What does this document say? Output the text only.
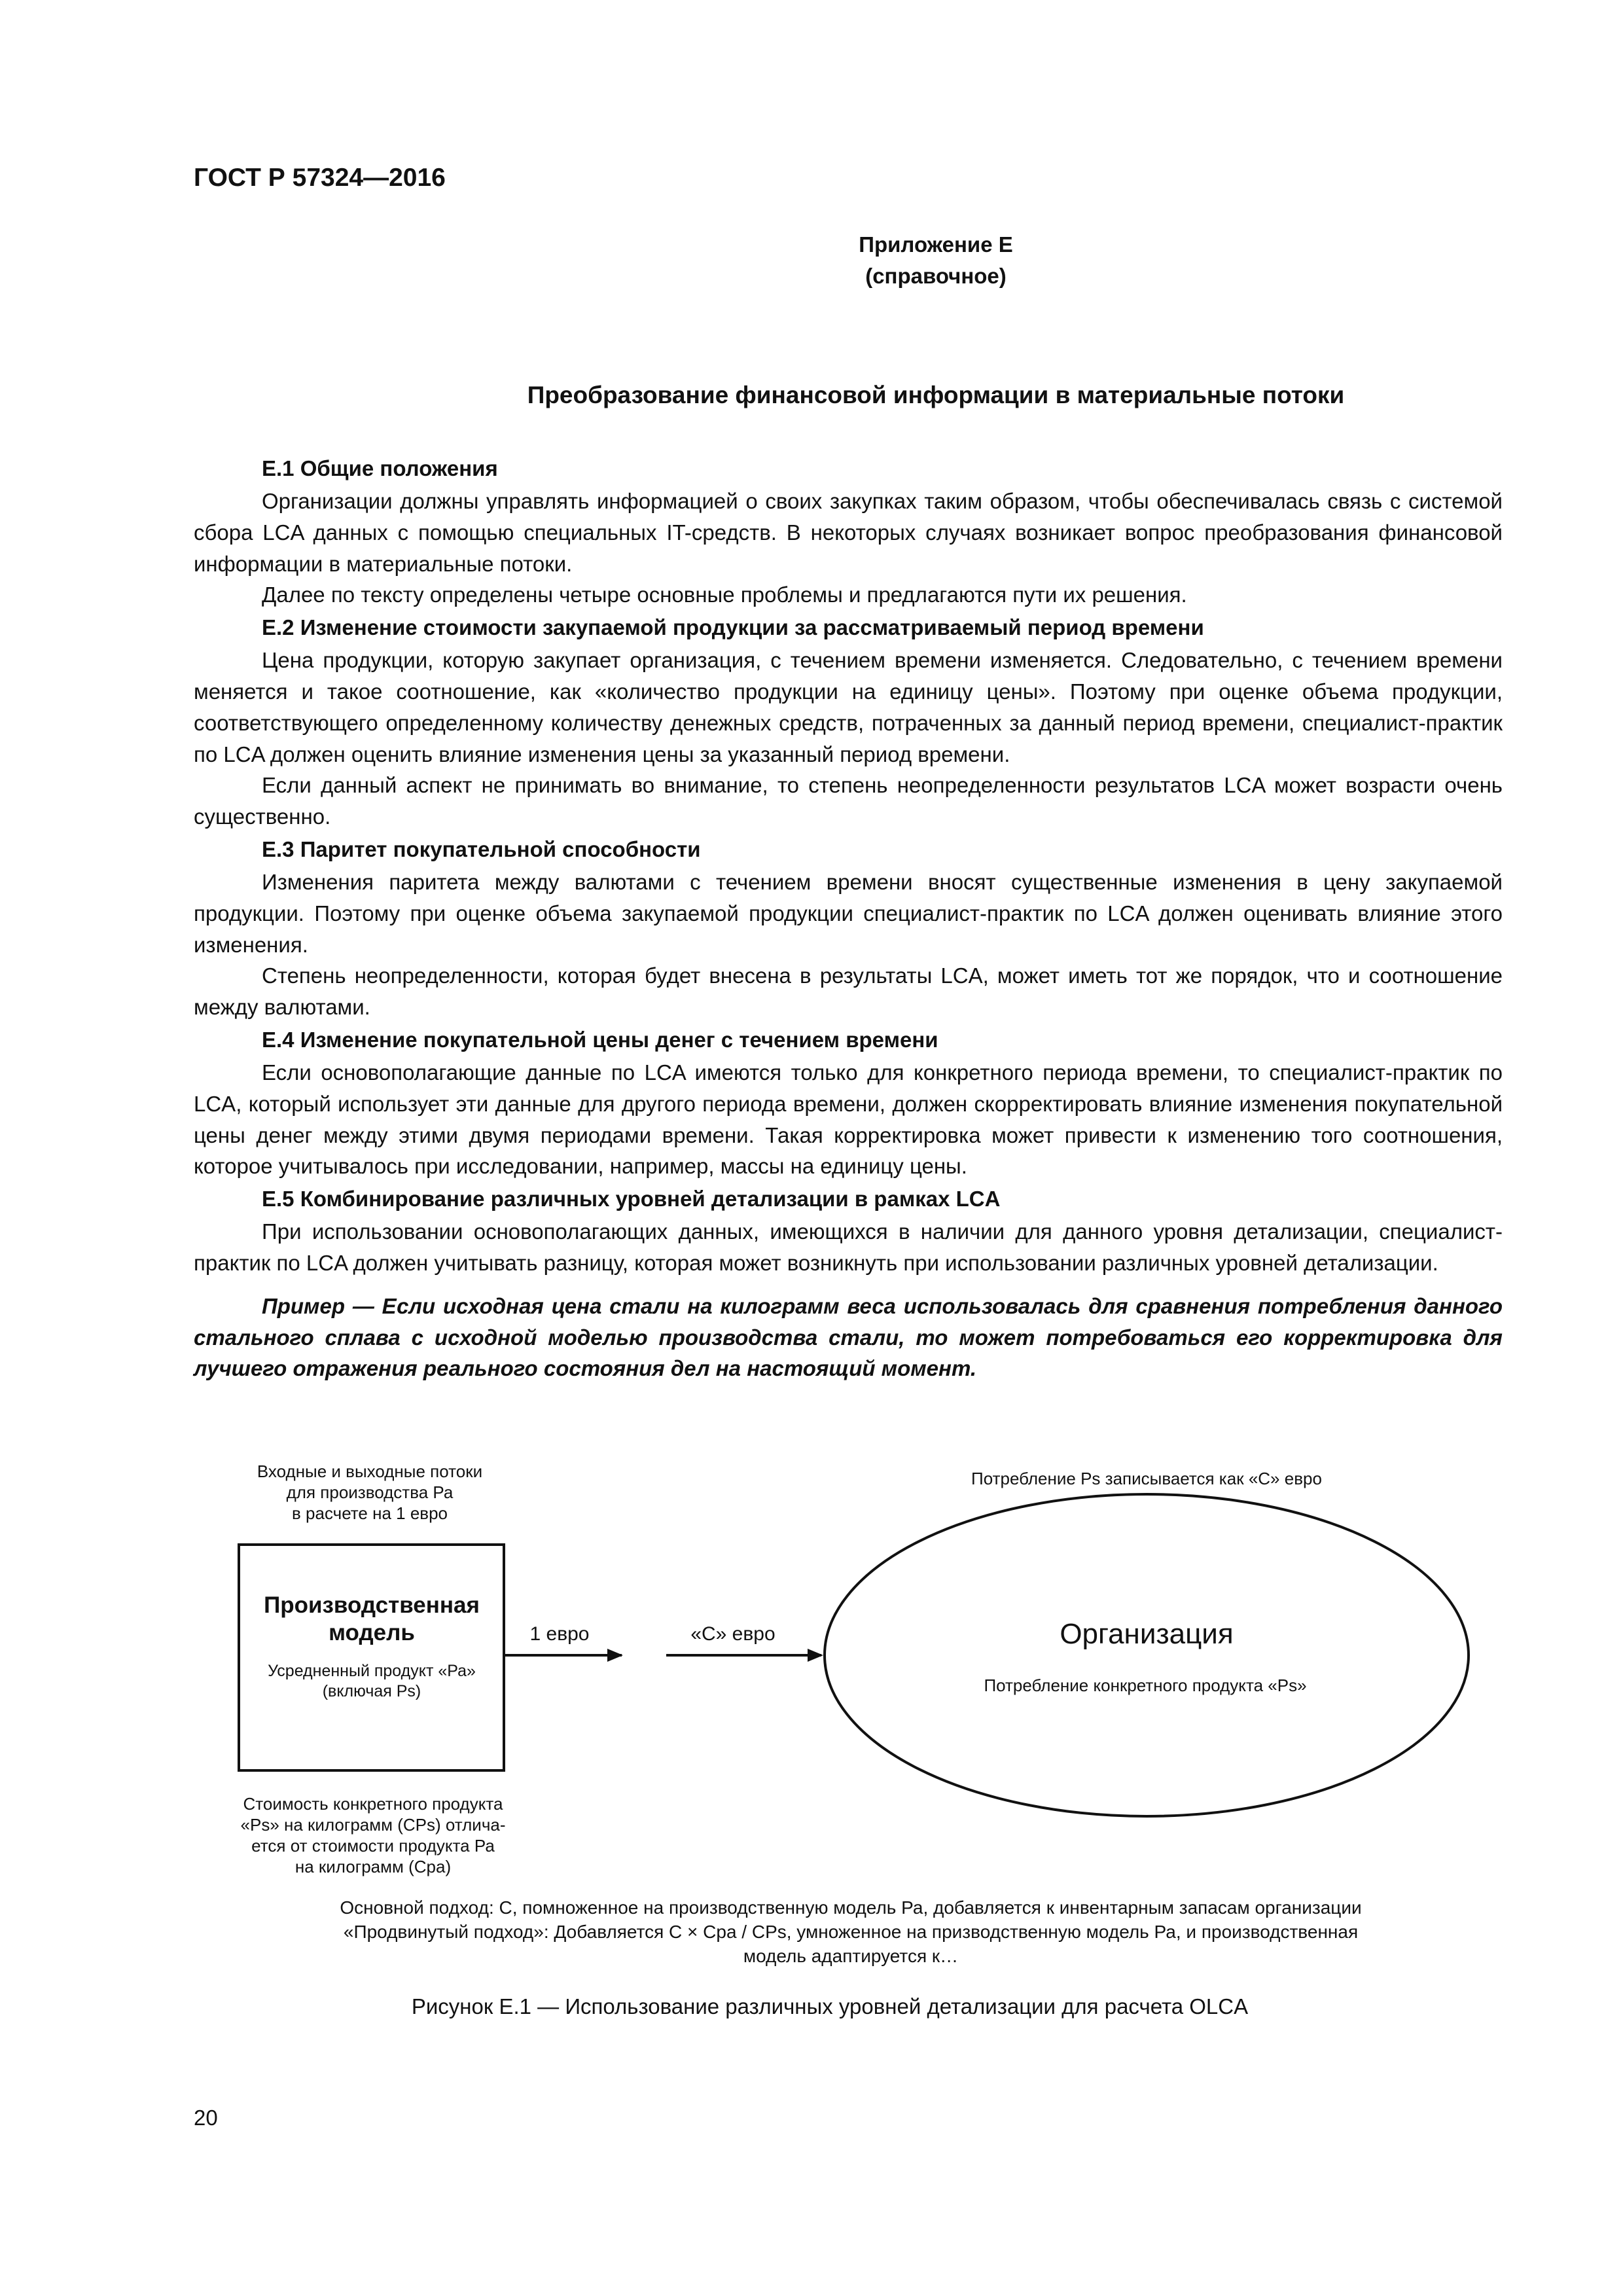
ГОСТ Р 57324—2016
Приложение Е
(справочное)
Преобразование финансовой информации в материальные потоки
Е.1 Общие положения

Организации должны управлять информацией о своих закупках таким образом, чтобы обеспечивалась связь с системой сбора LCA данных с помощью специальных IT-средств. В некоторых случаях возникает вопрос преобразования финансовой информации в материальные потоки.

Далее по тексту определены четыре основные проблемы и предлагаются пути их решения.

Е.2 Изменение стоимости закупаемой продукции за рассматриваемый период времени

Цена продукции, которую закупает организация, с течением времени изменяется. Следовательно, с течением времени меняется и такое соотношение, как «количество продукции на единицу цены». Поэтому при оценке объема продукции, соответствующего определенному количеству денежных средств, потраченных за данный период времени, специалист-практик по LCA должен оценить влияние изменения цены за указанный период времени.

Если данный аспект не принимать во внимание, то степень неопределенности результатов LCA может возрасти очень существенно.

Е.3 Паритет покупательной способности

Изменения паритета между валютами с течением времени вносят существенные изменения в цену закупаемой продукции. Поэтому при оценке объема закупаемой продукции специалист-практик по LCA должен оценивать влияние этого изменения.

Степень неопределенности, которая будет внесена в результаты LCA, может иметь тот же порядок, что и соотношение между валютами.

Е.4 Изменение покупательной цены денег с течением времени

Если основополагающие данные по LCA имеются только для конкретного периода времени, то специалист-практик по LCA, который использует эти данные для другого периода времени, должен скорректировать влияние изменения покупательной цены денег между этими двумя периодами времени. Такая корректировка может привести к изменению того соотношения, которое учитывалось при исследовании, например, массы на единицу цены.

Е.5 Комбинирование различных уровней детализации в рамках LCA

При использовании основополагающих данных, имеющихся в наличии для данного уровня детализации, специалист-практик по LCA должен учитывать разницу, которая может возникнуть при использовании различных уровней детализации.

Пример — Если исходная цена стали на килограмм веса использовалась для сравнения потребления данного стального сплава с исходной моделью производства стали, то может потребоваться его корректировка для лучшего отражения реального состояния дел на настоящий момент.

Входные и выходные потоки
для производства Ра
в расчете на 1 евро
Потребление Ps записывается как «С» евро
Производственная
модель
Усредненный продукт «Ра»
(включая Ps)
1 евро	«С» евро	Организация
Потребление конкретного продукта «Ps»
Стоимость конкретного продукта
«Ps» на килограмм (CPs) отлича-
ется от стоимости продукта Ра
на килограмм (Сра)
Основной подход: С, помноженное на производственную модель Ра, добавляется к инвентарным запасам организации
«Продвинутый подход»: Добавляется С × Сра / CPs, умноженное на призводственную модель Ра, и производственная
модель адаптируется к…
Рисунок Е.1 — Использование различных уровней детализации для расчета OLCA
20
